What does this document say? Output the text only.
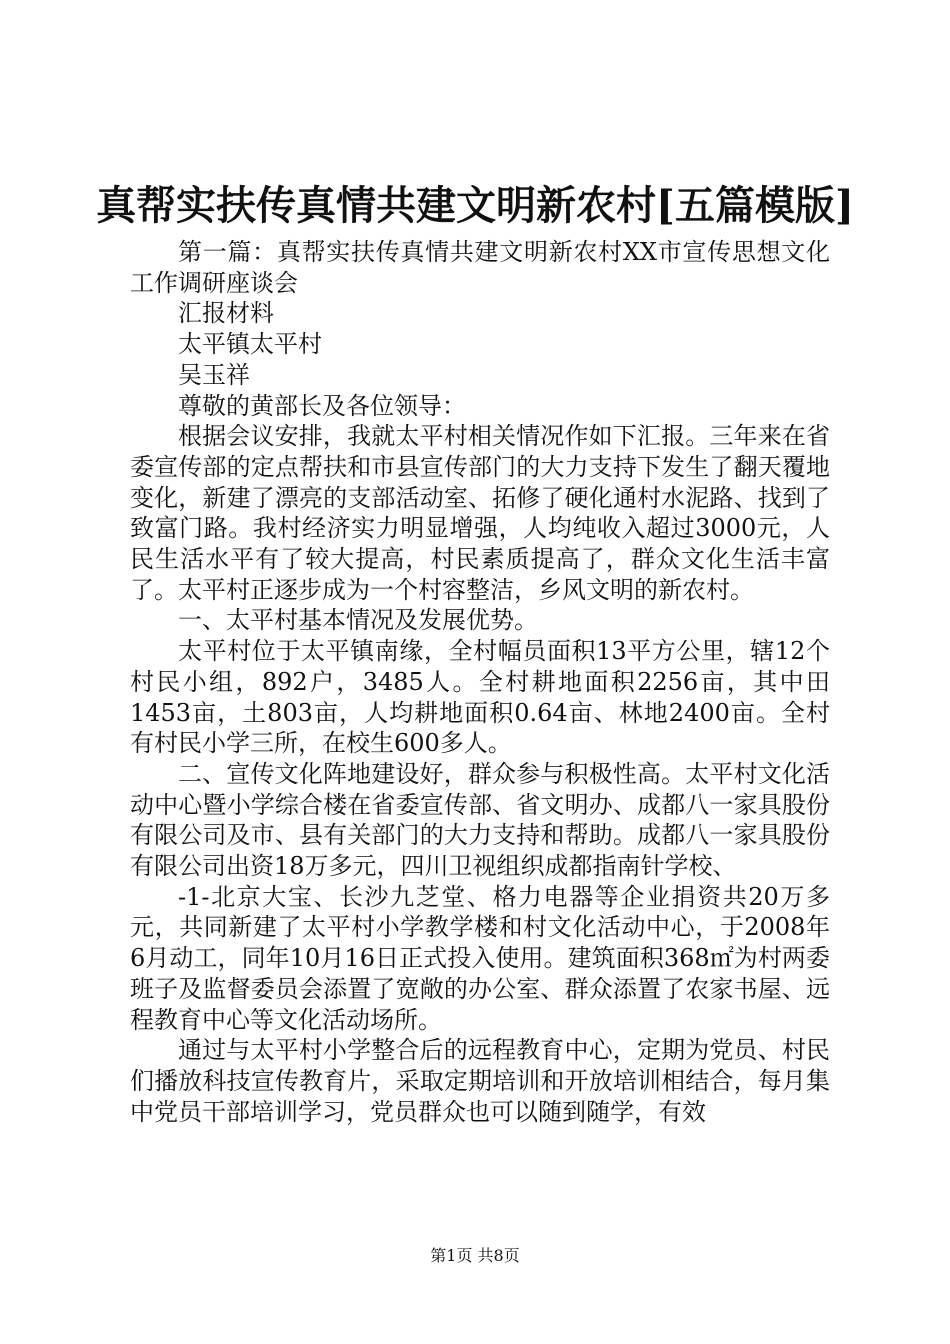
真帮实扶传真情共建文明新农村[五篇模版]

第一篇：真帮实扶传真情共建文明新农村XX市宣传思想文化工作调研座谈会

汇报材料

太平镇太平村

吴玉祥

尊敬的黄部长及各位领导：

根据会议安排，我就太平村相关情况作如下汇报。三年来在省委宣传部的定点帮扶和市县宣传部门的大力支持下发生了翻天覆地变化，新建了漂亮的支部活动室、拓修了硬化通村水泥路、找到了致富门路。我村经济实力明显增强，人均纯收入超过3000元，人民生活水平有了较大提高，村民素质提高了，群众文化生活丰富了。太平村正逐步成为一个村容整洁，乡风文明的新农村。

一、太平村基本情况及发展优势。

太平村位于太平镇南缘，全村幅员面积13平方公里，辖12个村民小组，892户，3485人。全村耕地面积2256亩，其中田1453亩，土803亩，人均耕地面积0.64亩、林地2400亩。全村有村民小学三所，在校生600多人。

二、宣传文化阵地建设好，群众参与积极性高。太平村文化活动中心暨小学综合楼在省委宣传部、省文明办、成都八一家具股份有限公司及市、县有关部门的大力支持和帮助。成都八一家具股份有限公司出资18万多元，四川卫视组织成都指南针学校、

-1-北京大宝、长沙九芝堂、格力电器等企业捐资共20万多元，共同新建了太平村小学教学楼和村文化活动中心，于2008年6月动工，同年10月16日正式投入使用。建筑面积368㎡为村两委班子及监督委员会添置了宽敞的办公室、群众添置了农家书屋、远程教育中心等文化活动场所。

通过与太平村小学整合后的远程教育中心，定期为党员、村民们播放科技宣传教育片，采取定期培训和开放培训相结合，每月集中党员干部培训学习，党员群众也可以随到随学，有效

第1页 共8页
